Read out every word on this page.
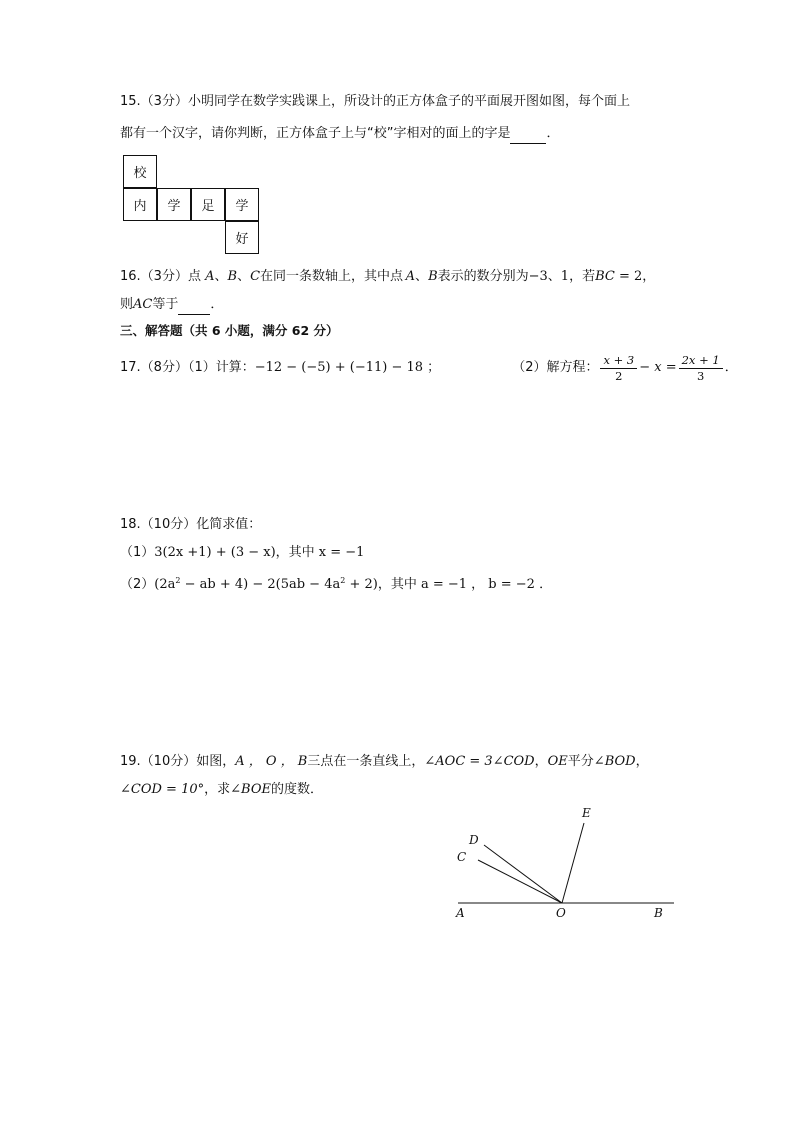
15.（3分）小明同学在数学实践课上，所设计的正方体盒子的平面展开图如图，每个面上
都有一个汉字，请你判断，正方体盒子上与“校”字相对的面上的字是	．
校
内	学	足	学
好
16.（3分）点 A、B、C在同一条数轴上，其中点  A、B表示的数分别为−3、1，若BC = 2，
则AC等于 ．
三、解答题（共 6 小题，满分 62 分）
17.（8分）（1）计算： −12 − (−5) + (−11) − 18 ；	（2）解方程： $\frac{x + 3}{2} - x = \frac{2x + 1}{3}$ ．
18.（10分）化简求值：
（1）3(2x +1) + (3 − x)，其中 x = −1
$(2)(2a^2$ − ab + $4) - 2(5ab - 4a^2 + 2)$，其中 a = −1 ， b = −2 ．
19.（10分）如图，A ， O ， B三点在一条直线上，∠AOC = 3∠COD，OE平分∠BOD，
∠COD = 10°，求∠BOE的度数．
A	O	B
C
D
E
